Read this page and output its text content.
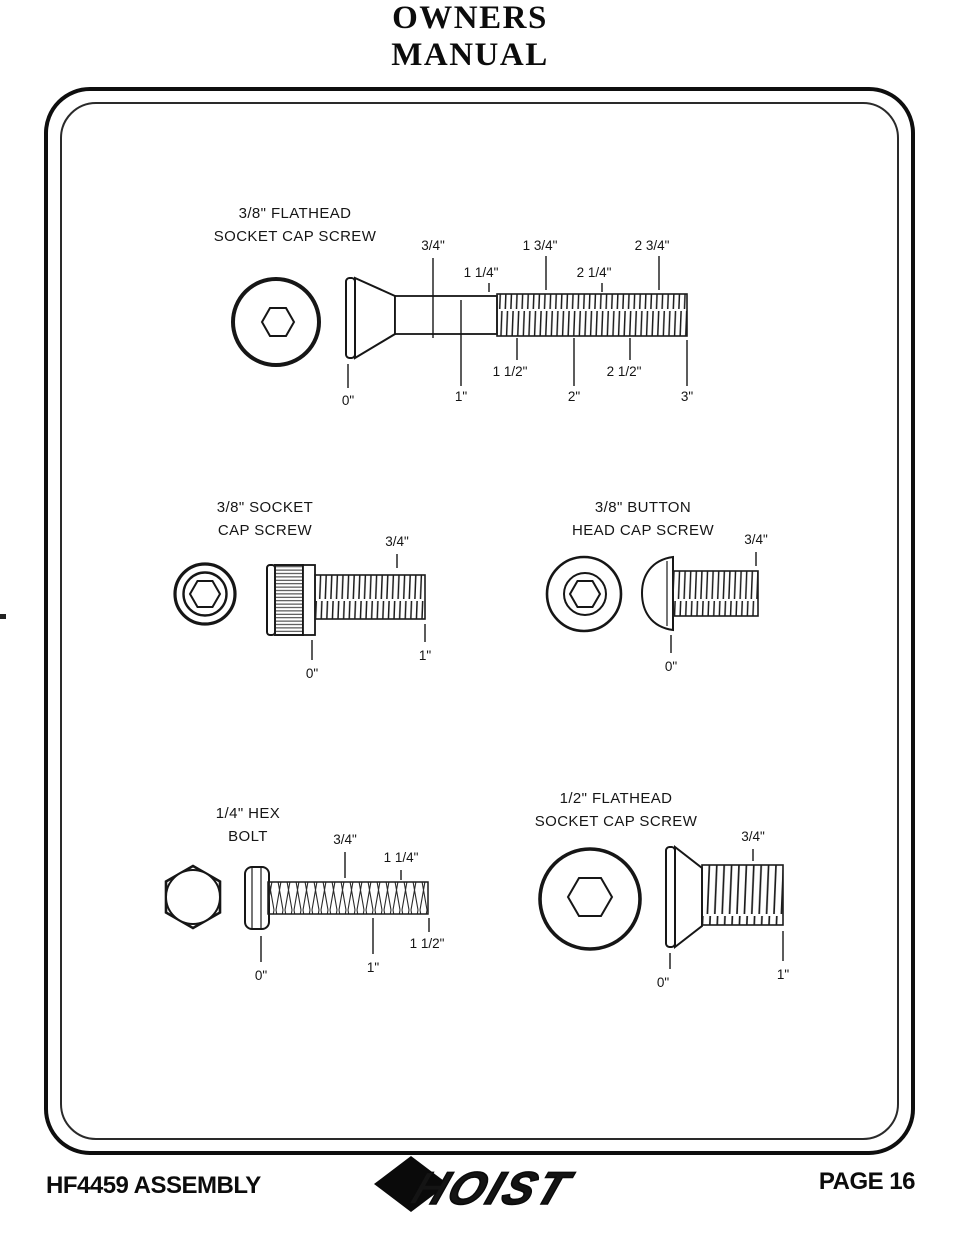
OWNERS
MANUAL
3/8" FLATHEAD
SOCKET CAP SCREW
3/4"
1 1/4"
1 3/4"
2 1/4"
2 3/4"
0"	1"
1 1/2"
2"
2 1/2"
3"
3/8" SOCKET
CAP SCREW
3/4"
0"
1"
3/8" BUTTON
HEAD CAP SCREW
3/4"
0"
1/4" HEX
BOLT	3/4"
1 1/4"
0"
1"
1 1/2"
1/2" FLATHEAD
SOCKET CAP SCREW
3/4"
0"
1"
HF4459 ASSEMBLY	HOIST	PAGE 16
